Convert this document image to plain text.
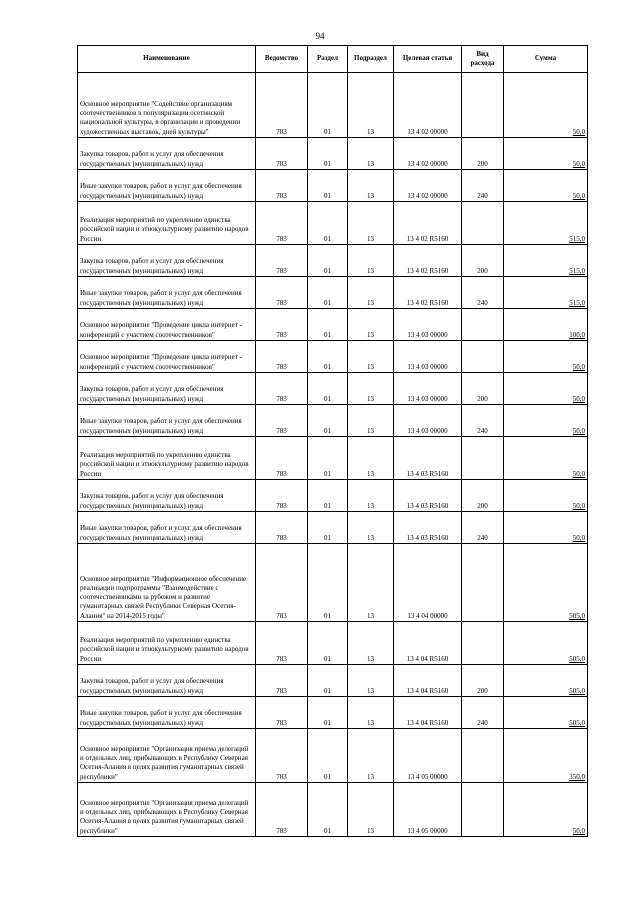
94
Наименование	Ведомство	Раздел	Подраздел	Целевая статья	Вид расхода	Сумма
Основное мероприятие "Содействие организациям соотечественников в популяризации осетинской национальной культуры, в организации и проведении художественных выставок, дней культуры"	783	01	13	13 4 02 00000		50,0
Закупка товаров, работ и услуг для обеспечения государственных (муниципальных) нужд	783	01	13	13 4 02 00000	200	50,0
Иные закупки товаров, работ и услуг для обеспечения государственных (муниципальных) нужд	783	01	13	13 4 02 00000	240	50,0
Реализация мероприятий по укреплению единства российской нации и этнокультурному развитию народов России	783	01	13	13 4 02 R5160		515,0
Закупка товаров, работ и услуг для обеспечения государственных (муниципальных) нужд	783	01	13	13 4 02 R5160	200	515,0
Иные закупки товаров, работ и услуг для обеспечения государственных (муниципальных) нужд	783	01	13	13 4 02 R5160	240	515,0
Основное мероприятие "Проведение цикла интернет - конференций с участием соотечественников"	783	01	13	13 4 03 00000		100,0
Основное мероприятие "Проведение цикла интернет - конференций с участием соотечественников"	783	01	13	13 4 03 00000		50,0
Закупка товаров, работ и услуг для обеспечения государственных (муниципальных) нужд	783	01	13	13 4 03 00000	200	50,0
Иные закупки товаров, работ и услуг для обеспечения государственных (муниципальных) нужд	783	01	13	13 4 03 00000	240	50,0
Реализация мероприятий по укреплению единства российской нации и этнокультурному развитию народов России	783	01	13	13 4 03 R5160		50,0
Закупка товаров, работ и услуг для обеспечения государственных (муниципальных) нужд	783	01	13	13 4 03 R5160	200	50,0
Иные закупки товаров, работ и услуг для обеспечения государственных (муниципальных) нужд	783	01	13	13 4 03 R5160	240	50,0
Основное мероприятие "Информационное обеспечение реализации подпрограммы "Взаимодействие с соотечественниками за рубежом и развитие гуманитарных связей Республики Северная Осетия-Алания" на 2014-2015 годы"	783	01	13	13 4 04 00000		505,0
Реализация мероприятий по укреплению единства российской нации и этнокультурному развитию народов России	783	01	13	13 4 04 R5160		505,0
Закупка товаров, работ и услуг для обеспечения государственных (муниципальных) нужд	783	01	13	13 4 04 R5160	200	505,0
Иные закупки товаров, работ и услуг для обеспечения государственных (муниципальных) нужд	783	01	13	13 4 04 R5160	240	505,0
Основное мероприятие "Организация приема делегаций и отдельных лиц, прибывающих в Республику Северная Осетия-Алания в целях развития гуманитарных связей республики"	783	01	13	13 4 05 00000		350,0
Основное мероприятие "Организация приема делегаций и отдельных лиц, прибывающих в Республику Северная Осетия-Алания в целях развития гуманитарных связей республики"	783	01	13	13 4 05 00000		50,0
